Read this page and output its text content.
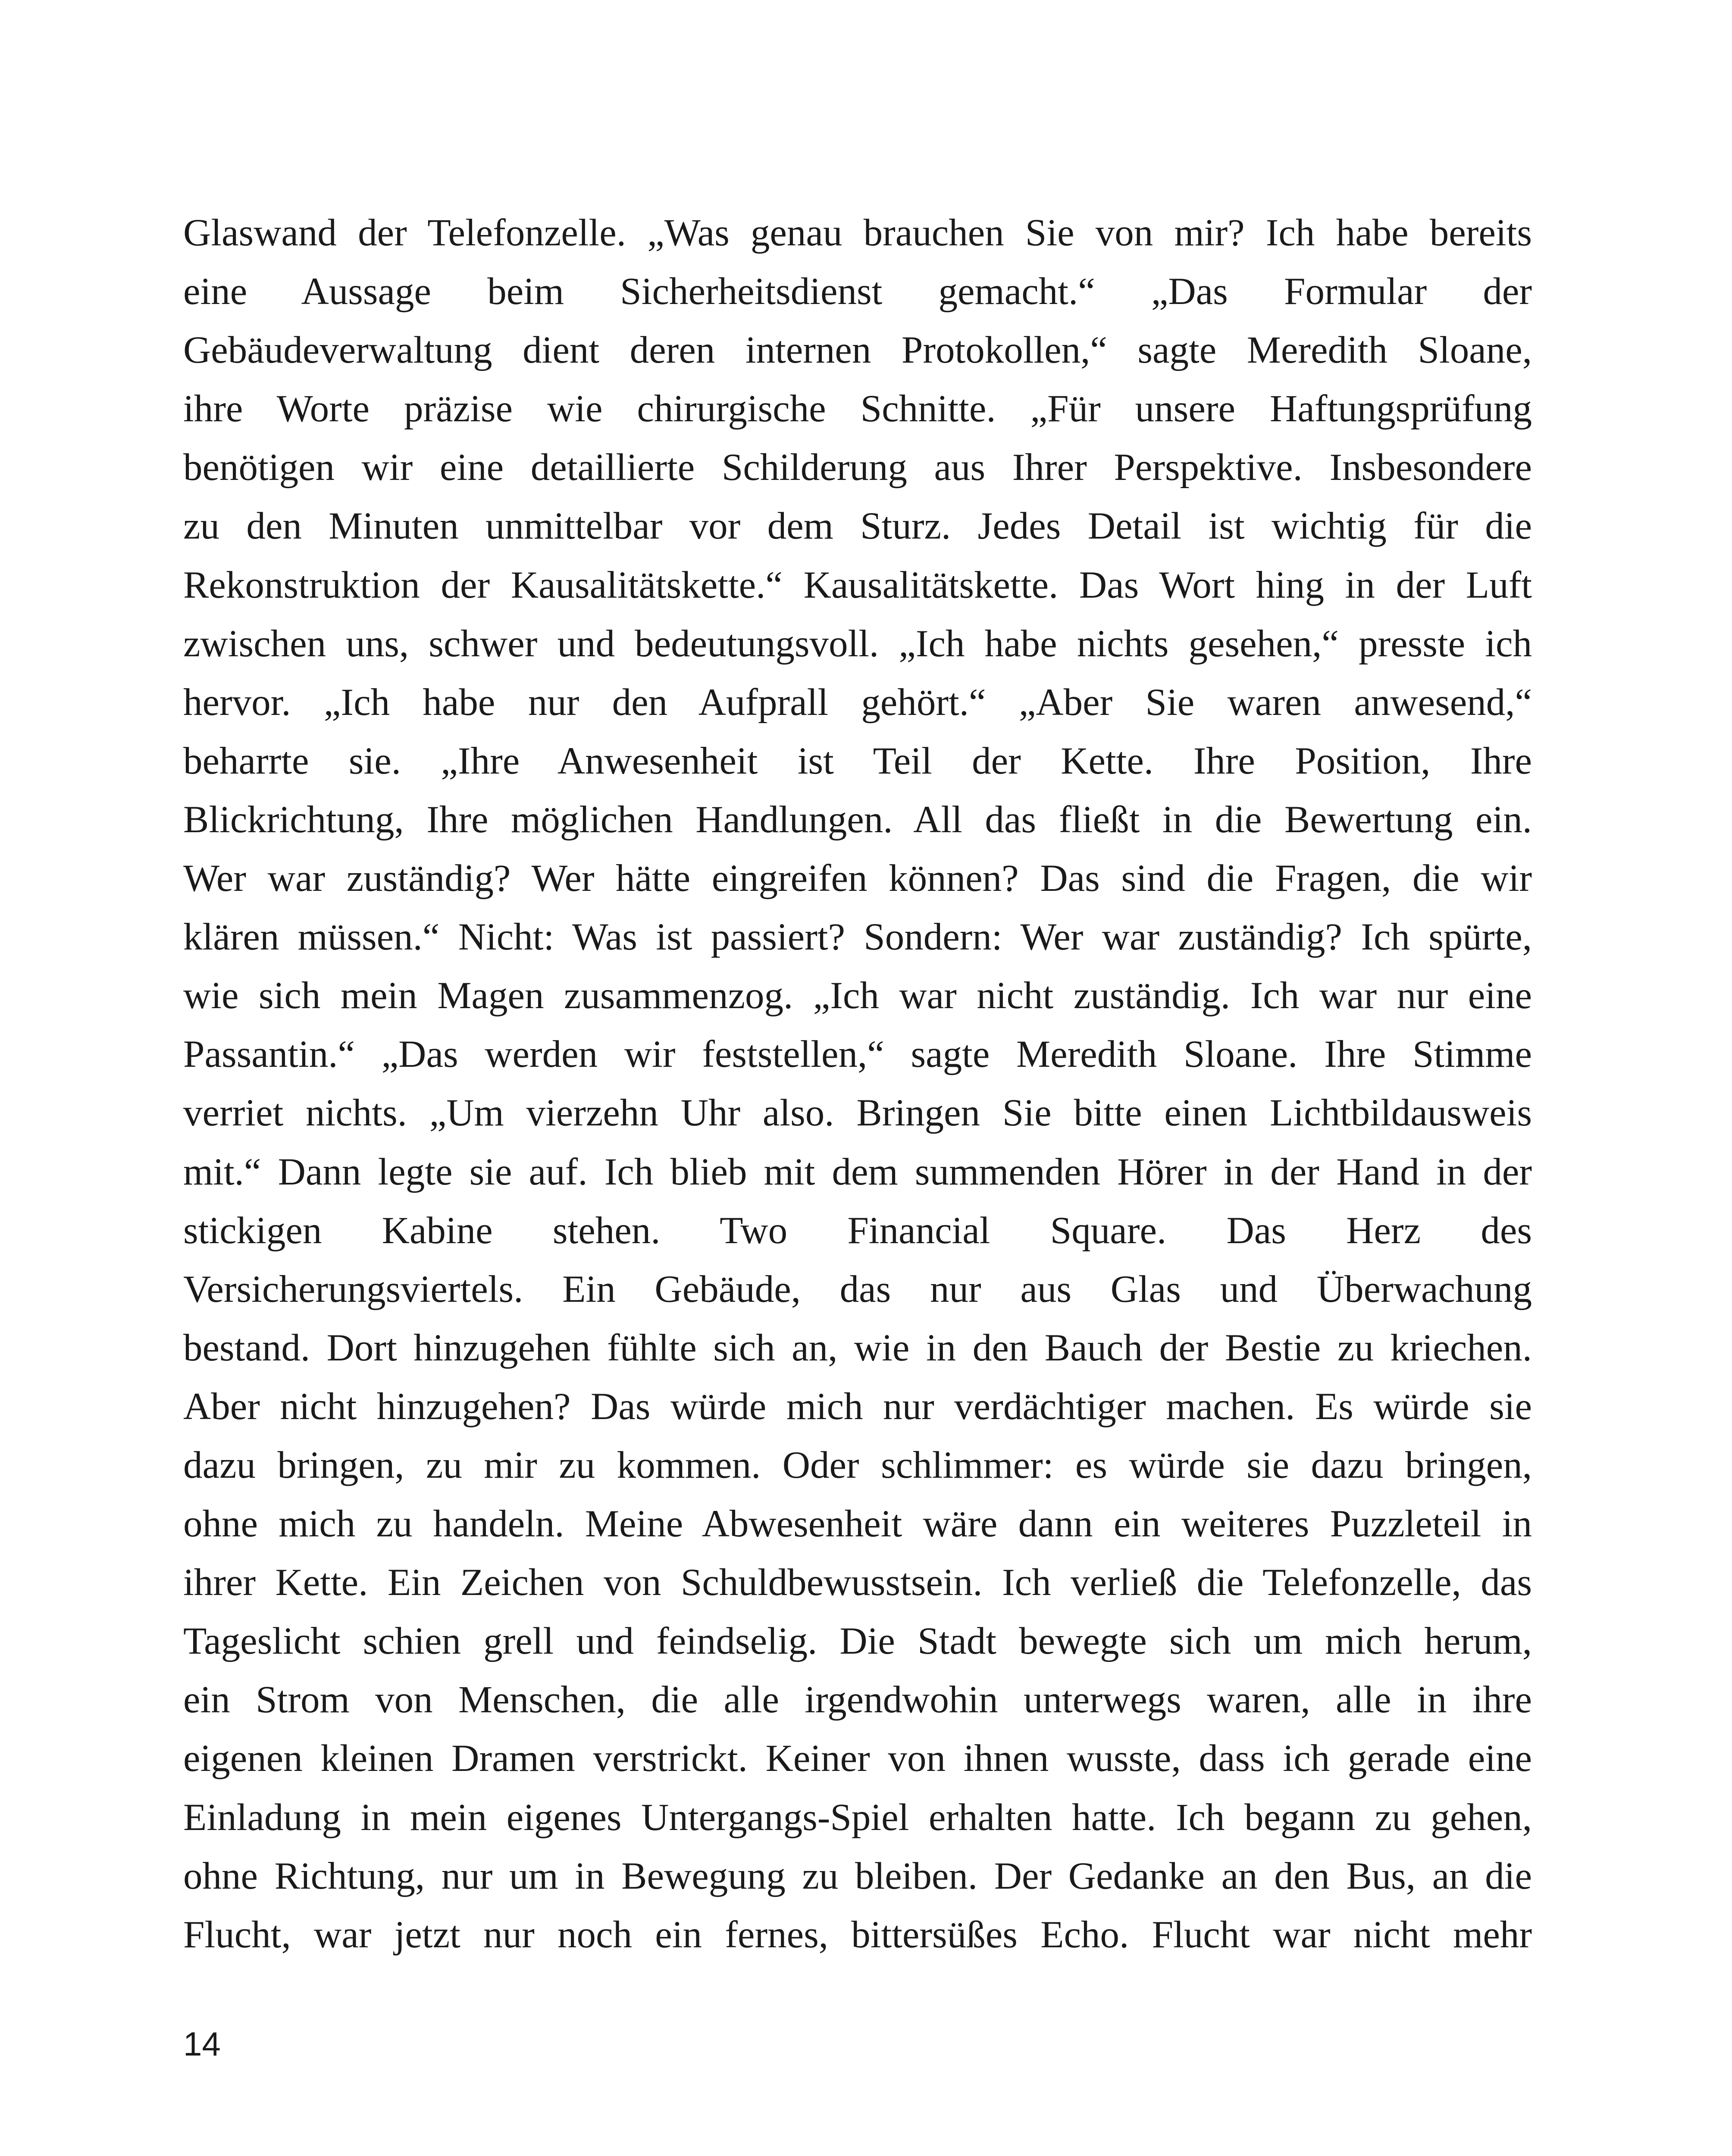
Glaswand der Telefonzelle. „Was genau brauchen Sie von mir? Ich habe bereits
eine Aussage beim Sicherheitsdienst gemacht.“ „Das Formular der
Gebäudeverwaltung dient deren internen Protokollen,“ sagte Meredith Sloane,
ihre Worte präzise wie chirurgische Schnitte. „Für unsere Haftungsprüfung
benötigen wir eine detaillierte Schilderung aus Ihrer Perspektive. Insbesondere
zu den Minuten unmittelbar vor dem Sturz. Jedes Detail ist wichtig für die
Rekonstruktion der Kausalitätskette.“ Kausalitätskette. Das Wort hing in der Luft
zwischen uns, schwer und bedeutungsvoll. „Ich habe nichts gesehen,“ presste ich
hervor. „Ich habe nur den Aufprall gehört.“ „Aber Sie waren anwesend,“
beharrte sie. „Ihre Anwesenheit ist Teil der Kette. Ihre Position, Ihre
Blickrichtung, Ihre möglichen Handlungen. All das fließt in die Bewertung ein.
Wer war zuständig? Wer hätte eingreifen können? Das sind die Fragen, die wir
klären müssen.“ Nicht: Was ist passiert? Sondern: Wer war zuständig? Ich spürte,
wie sich mein Magen zusammenzog. „Ich war nicht zuständig. Ich war nur eine
Passantin.“ „Das werden wir feststellen,“ sagte Meredith Sloane. Ihre Stimme
verriet nichts. „Um vierzehn Uhr also. Bringen Sie bitte einen Lichtbildausweis
mit.“ Dann legte sie auf. Ich blieb mit dem summenden Hörer in der Hand in der
stickigen Kabine stehen. Two Financial Square. Das Herz des
Versicherungsviertels. Ein Gebäude, das nur aus Glas und Überwachung
bestand. Dort hinzugehen fühlte sich an, wie in den Bauch der Bestie zu kriechen.
Aber nicht hinzugehen? Das würde mich nur verdächtiger machen. Es würde sie
dazu bringen, zu mir zu kommen. Oder schlimmer: es würde sie dazu bringen,
ohne mich zu handeln. Meine Abwesenheit wäre dann ein weiteres Puzzleteil in
ihrer Kette. Ein Zeichen von Schuldbewusstsein. Ich verließ die Telefonzelle, das
Tageslicht schien grell und feindselig. Die Stadt bewegte sich um mich herum,
ein Strom von Menschen, die alle irgendwohin unterwegs waren, alle in ihre
eigenen kleinen Dramen verstrickt. Keiner von ihnen wusste, dass ich gerade eine
Einladung in mein eigenes Untergangs-Spiel erhalten hatte. Ich begann zu gehen,
ohne Richtung, nur um in Bewegung zu bleiben. Der Gedanke an den Bus, an die
Flucht, war jetzt nur noch ein fernes, bittersüßes Echo. Flucht war nicht mehr
14
